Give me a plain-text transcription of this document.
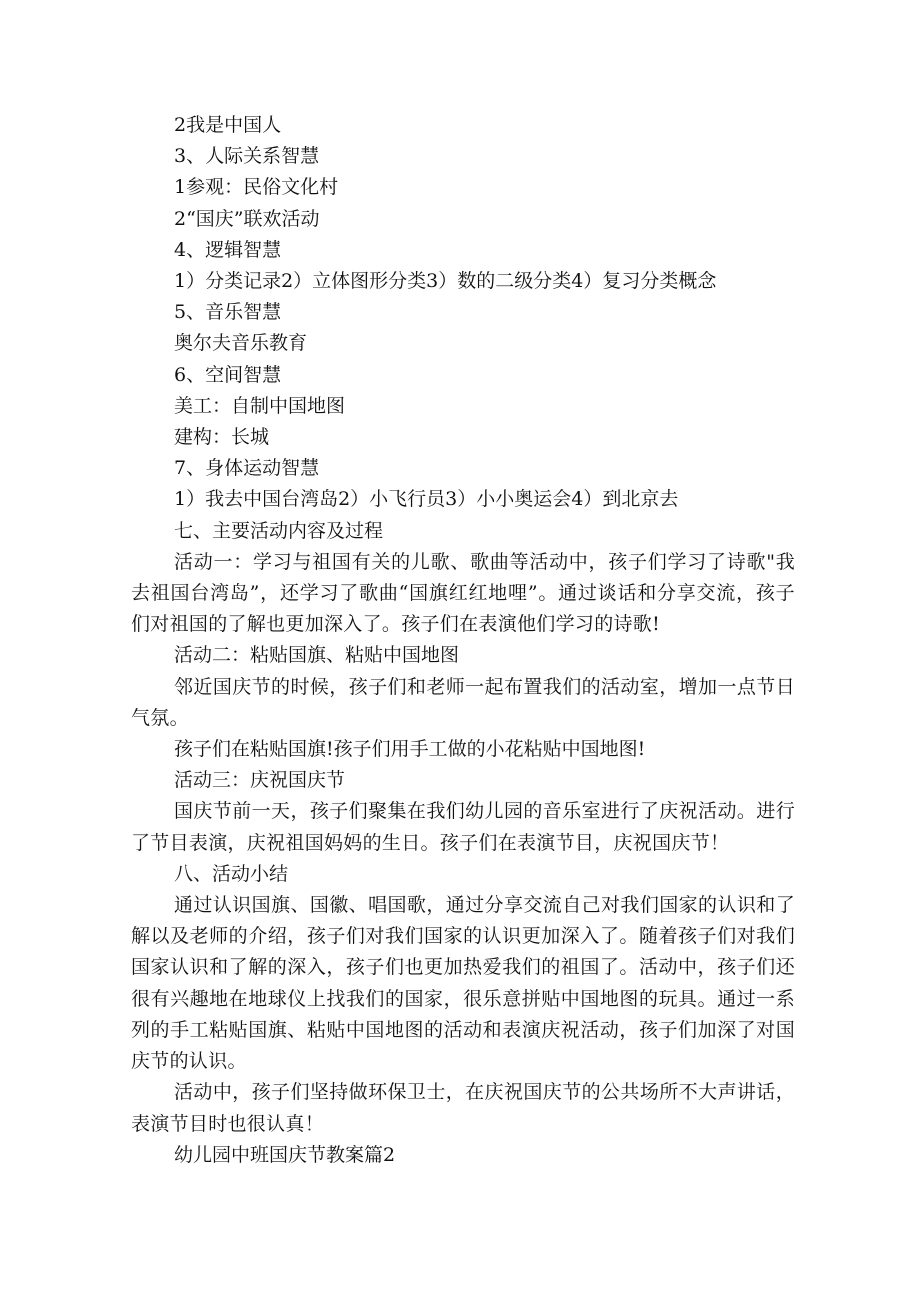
2我是中国人

3、人际关系智慧

1参观：民俗文化村

2“国庆”联欢活动

4、逻辑智慧

1）分类记录2）立体图形分类3）数的二级分类4）复习分类概念

5、音乐智慧

奥尔夫音乐教育

6、空间智慧

美工：自制中国地图

建构：长城

7、身体运动智慧

1）我去中国台湾岛2）小飞行员3）小小奥运会4）到北京去

七、主要活动内容及过程

活动一：学习与祖国有关的儿歌、歌曲等活动中，孩子们学习了诗歌"我去祖国台湾岛”，还学习了歌曲“国旗红红地哩”。通过谈话和分享交流，孩子们对祖国的了解也更加深入了。孩子们在表演他们学习的诗歌!

活动二：粘贴国旗、粘贴中国地图

邻近国庆节的时候，孩子们和老师一起布置我们的活动室，增加一点节日气氛。

孩子们在粘贴国旗!孩子们用手工做的小花粘贴中国地图!

活动三：庆祝国庆节

国庆节前一天，孩子们聚集在我们幼儿园的音乐室进行了庆祝活动。进行了节目表演，庆祝祖国妈妈的生日。孩子们在表演节目，庆祝国庆节！

八、活动小结

通过认识国旗、国徽、唱国歌，通过分享交流自己对我们国家的认识和了解以及老师的介绍，孩子们对我们国家的认识更加深入了。随着孩子们对我们国家认识和了解的深入，孩子们也更加热爱我们的祖国了。活动中，孩子们还很有兴趣地在地球仪上找我们的国家，很乐意拼贴中国地图的玩具。通过一系列的手工粘贴国旗、粘贴中国地图的活动和表演庆祝活动，孩子们加深了对国庆节的认识。

活动中，孩子们坚持做环保卫士，在庆祝国庆节的公共场所不大声讲话，表演节目时也很认真！

幼儿园中班国庆节教案篇2
